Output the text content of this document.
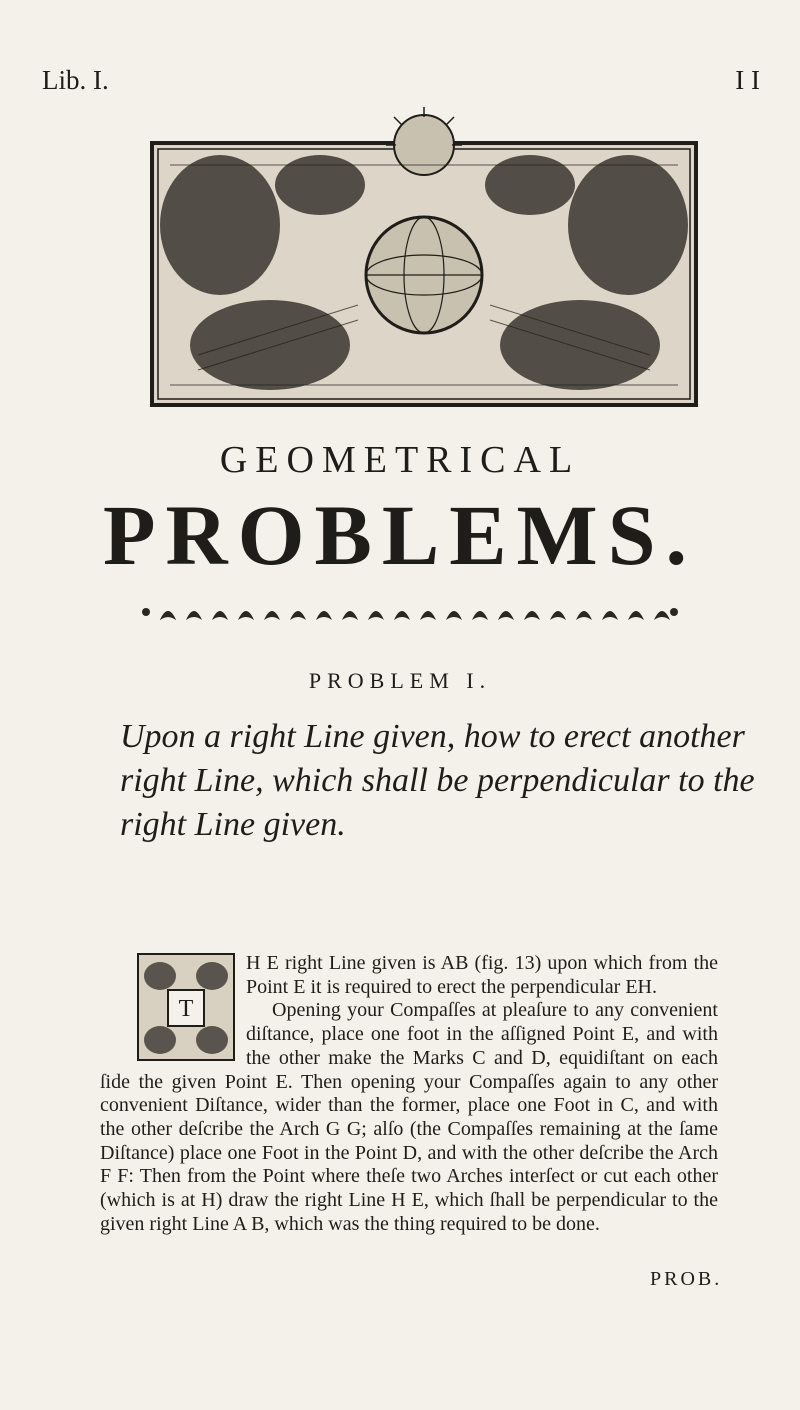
Lib. I.	I I
GEOMETRICAL
PROBLEMS.
PROBLEM I.
Upon a right Line given, how to erect another right Line, which shall be perpendicular to the right Line given.
T

H E right Line given is AB (fig. 13) upon which from the Point E it is required to erect the perpendicular EH.

Opening your Compaſſes at pleaſure to any convenient diſtance, place one foot in the aſſigned Point E, and with the other make the Marks C and D, equidiſtant on each ſide the given Point E. Then opening your Compaſſes again to any other convenient Diſtance, wider than the former, place one Foot in C, and with the other deſcribe the Arch G G; alſo (the Compaſſes remaining at the ſame Diſtance) place one Foot in the Point D, and with the other deſcribe the Arch F F: Then from the Point where theſe two Arches interſect or cut each other (which is at H) draw the right Line H E, which ſhall be perpendicular to the given right Line A B, which was the thing required to be done.

PROB.
